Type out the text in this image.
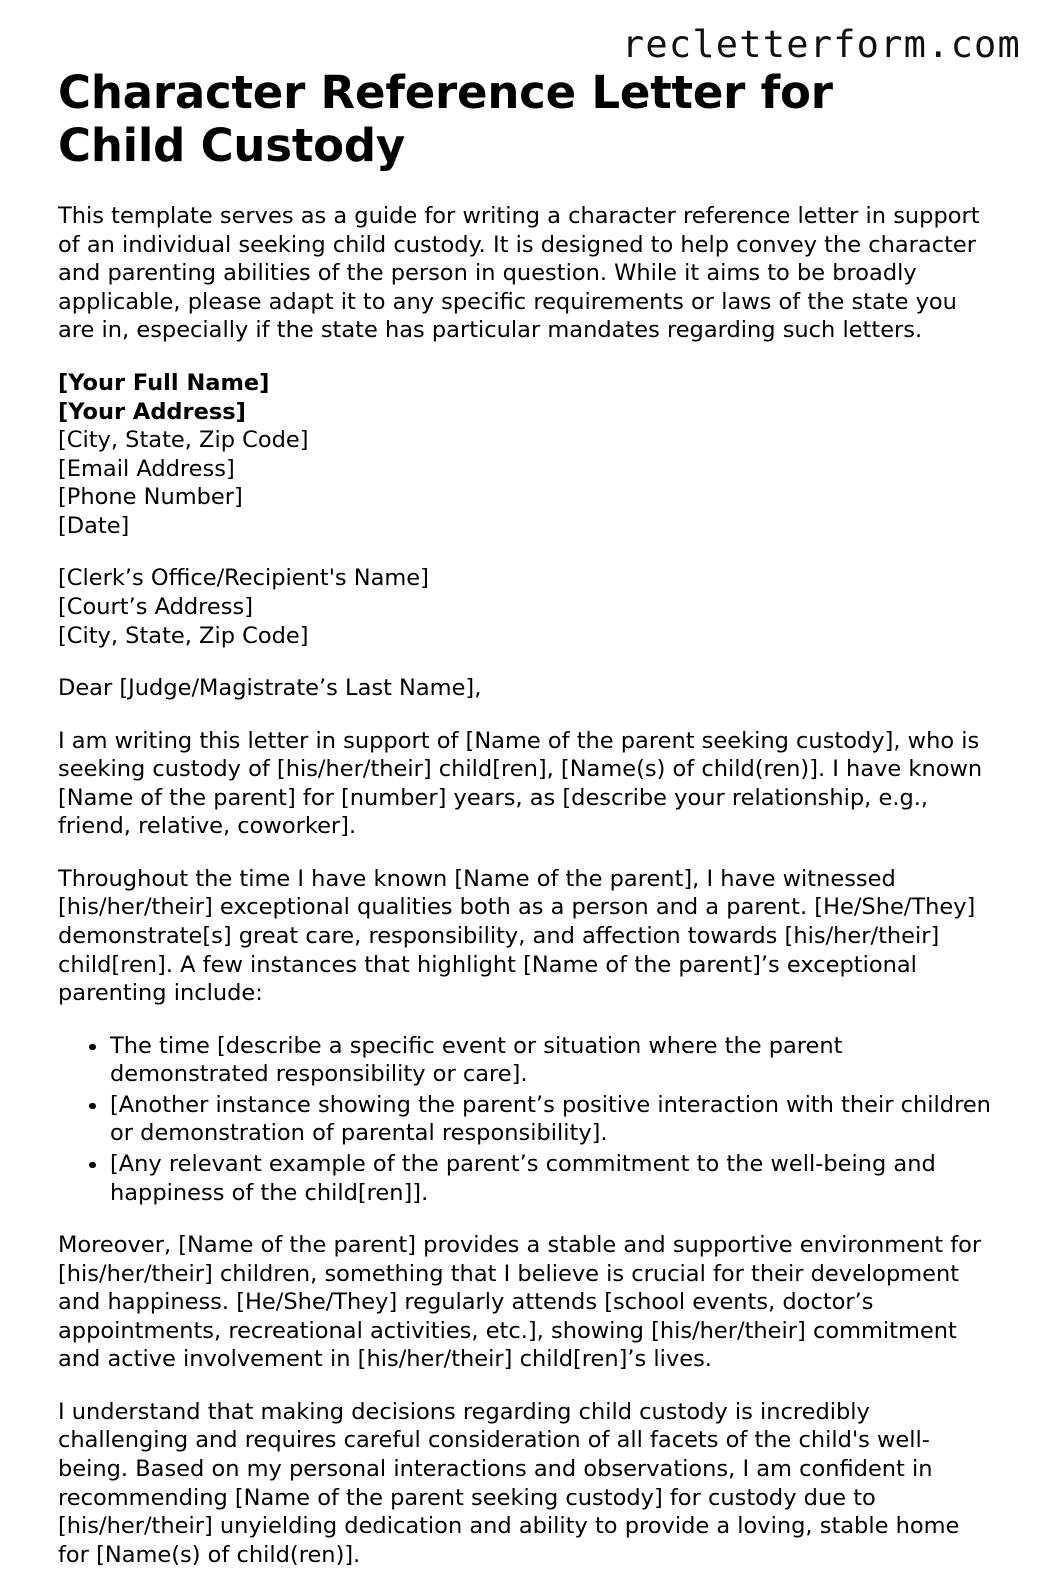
recletterform.com
Character Reference Letter for Child Custody

This template serves as a guide for writing a character reference letter in support of an individual seeking child custody. It is designed to help convey the character and parenting abilities of the person in question. While it aims to be broadly applicable, please adapt it to any specific requirements or laws of the state you are in, especially if the state has particular mandates regarding such letters.

[Your Full Name]
[Your Address]
[City, State, Zip Code]
[Email Address]
[Phone Number]
[Date]
[Clerk’s Office/Recipient's Name]
[Court’s Address]
[City, State, Zip Code]

Dear [Judge/Magistrate’s Last Name],

I am writing this letter in support of [Name of the parent seeking custody], who is seeking custody of [his/her/their] child[ren], [Name(s) of child(ren)]. I have known [Name of the parent] for [number] years, as [describe your relationship, e.g., friend, relative, coworker].

Throughout the time I have known [Name of the parent], I have witnessed [his/her/their] exceptional qualities both as a person and a parent. [He/She/They] demonstrate[s] great care, responsibility, and affection towards [his/her/their] child[ren]. A few instances that highlight [Name of the parent]’s exceptional parenting include:

The time [describe a specific event or situation where the parent demonstrated responsibility or care].
[Another instance showing the parent’s positive interaction with their children or demonstration of parental responsibility].
[Any relevant example of the parent’s commitment to the well-being and happiness of the child[ren]].

Moreover, [Name of the parent] provides a stable and supportive environment for [his/her/their] children, something that I believe is crucial for their development and happiness. [He/She/They] regularly attends [school events, doctor’s appointments, recreational activities, etc.], showing [his/her/their] commitment and active involvement in [his/her/their] child[ren]’s lives.

I understand that making decisions regarding child custody is incredibly challenging and requires careful consideration of all facets of the child's well-being. Based on my personal interactions and observations, I am confident in recommending [Name of the parent seeking custody] for custody due to [his/her/their] unyielding dedication and ability to provide a loving, stable home for [Name(s) of child(ren)].
